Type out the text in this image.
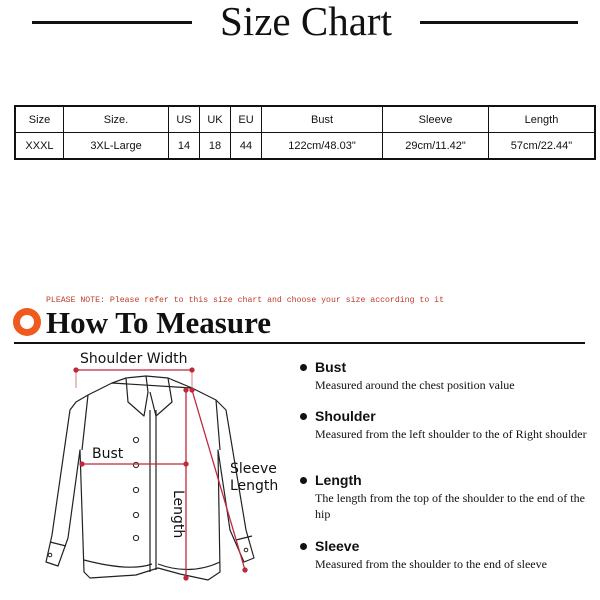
Size Chart
Size	Size.	US	UK	EU	Bust	Sleeve	Length
XXXL	3XL-Large	14	18	44	122cm/48.03"	29cm/11.42"	57cm/22.44"
PLEASE NOTE: Please refer to this size chart and choose your size according to it
How To Measure
Shoulder Width
Bust
Sleeve
Length
Length
Bust
Measured around the chest position value
Shoulder
Measured from the left shoulder to the of Right shoulder
Length
The length from the top of the shoulder to the end of the hip
Sleeve
Measured from the shoulder to the end of sleeve
